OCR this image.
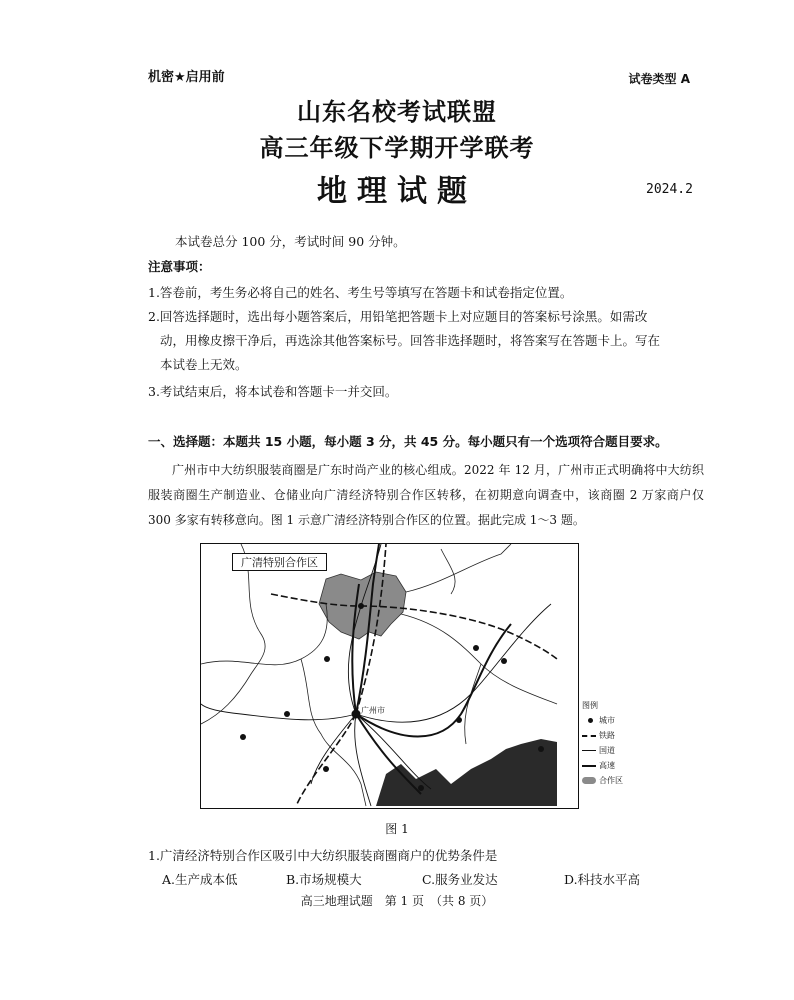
机密★启用前	试卷类型 A
山东名校考试联盟
高三年级下学期开学联考
地理试题	2024.2
本试卷总分 100 分，考试时间 90 分钟。
注意事项：
1.答卷前，考生务必将自己的姓名、考生号等填写在答题卡和试卷指定位置。
2.回答选择题时，选出每小题答案后，用铅笔把答题卡上对应题目的答案标号涂黑。如需改
动，用橡皮擦干净后，再选涂其他答案标号。回答非选择题时，将答案写在答题卡上。写在
本试卷上无效。
3.考试结束后，将本试卷和答题卡一并交回。
一、选择题：本题共 15 小题，每小题 3 分，共 45 分。每小题只有一个选项符合题目要求。

广州市中大纺织服装商圈是广东时尚产业的核心组成。2022 年 12 月，广州市正式明确将中大纺织服装商圈生产制造业、仓储业向广清经济特别合作区转移，在初期意向调查中，该商圈 2 万家商户仅 300 多家有转移意向。图 1 示意广清经济特别合作区的位置。据此完成 1～3 题。

广州市
图例
城市
铁路
国道
高速
合作区
广清特别合作区
图 1
1.广清经济特别合作区吸引中大纺织服装商圈商户的优势条件是
A.生产成本低	B.市场规模大	C.服务业发达	D.科技水平高
高三地理试题　第 1 页　（共 8 页）
